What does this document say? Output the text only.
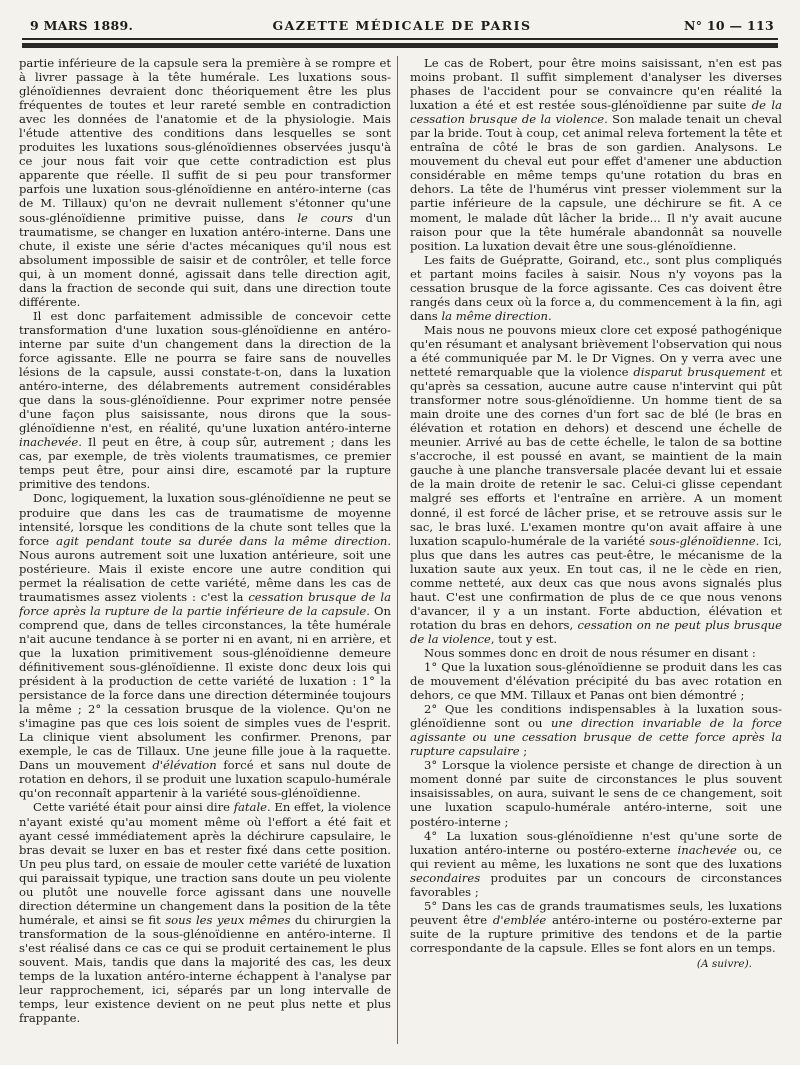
GAZETTE MÉDICALE DE PARIS
9 MARS 1889.	N° 10 — 113

partie inférieure de la capsule sera la première à se rompre et à livrer passage à la tête humérale. Les luxations sous-glénoïdiennes devraient donc théoriquement être les plus fréquentes de toutes et leur rareté semble en contradiction avec les données de l'anatomie et de la physiologie. Mais l'étude attentive des conditions dans lesquelles se sont produites les luxations sous-glénoïdiennes observées jusqu'à ce jour nous fait voir que cette contradiction est plus apparente que réelle. Il suffit de si peu pour transformer parfois une luxation sous-glénoïdienne en antéro-interne (cas de M. Tillaux) qu'on ne devrait nullement s'étonner qu'une sous-glénoïdienne primitive puisse, dans le cours d'un traumatisme, se changer en luxation antéro-interne. Dans une chute, il existe une série d'actes mécaniques qu'il nous est absolument impossible de saisir et de contrôler, et telle force qui, à un moment donné, agissait dans telle direction agit, dans la fraction de seconde qui suit, dans une direction toute différente.

Il est donc parfaitement admissible de concevoir cette transformation d'une luxation sous-glénoïdienne en antéro-interne par suite d'un changement dans la direction de la force agissante. Elle ne pourra se faire sans de nouvelles lésions de la capsule, aussi constate-t-on, dans la luxation antéro-interne, des délabrements autrement considérables que dans la sous-glénoïdienne. Pour exprimer notre pensée d'une façon plus saisissante, nous dirons que la sous-glénoïdienne n'est, en réalité, qu'une luxation antéro-interne inachevée. Il peut en être, à coup sûr, autrement ; dans les cas, par exemple, de très violents traumatismes, ce premier temps peut être, pour ainsi dire, escamoté par la rupture primitive des tendons.

Donc, logiquement, la luxation sous-glénoïdienne ne peut se produire que dans les cas de traumatisme de moyenne intensité, lorsque les conditions de la chute sont telles que la force agit pendant toute sa durée dans la même direction. Nous aurons autrement soit une luxation antérieure, soit une postérieure. Mais il existe encore une autre condition qui permet la réalisation de cette variété, même dans les cas de traumatismes assez violents : c'est la cessation brusque de la force après la rupture de la partie inférieure de la capsule. On comprend que, dans de telles circonstances, la tête humérale n'ait aucune tendance à se porter ni en avant, ni en arrière, et que la luxation primitivement sous-glénoïdienne demeure définitivement sous-glénoïdienne. Il existe donc deux lois qui président à la production de cette variété de luxation : 1° la persistance de la force dans une direction déterminée toujours la même ; 2° la cessation brusque de la violence. Qu'on ne s'imagine pas que ces lois soient de simples vues de l'esprit. La clinique vient absolument les confirmer. Prenons, par exemple, le cas de Tillaux. Une jeune fille joue à la raquette. Dans un mouvement d'élévation forcé et sans nul doute de rotation en dehors, il se produit une luxation scapulo-humérale qu'on reconnaît appartenir à la variété sous-glénoïdienne.

Cette variété était pour ainsi dire fatale. En effet, la violence n'ayant existé qu'au moment même où l'effort a été fait et ayant cessé immédiatement après la déchirure capsulaire, le bras devait se luxer en bas et rester fixé dans cette position. Un peu plus tard, on essaie de mouler cette variété de luxation qui paraissait typique, une traction sans doute un peu violente ou plutôt une nouvelle force agissant dans une nouvelle direction détermine un changement dans la position de la tête humérale, et ainsi se fit sous les yeux mêmes du chirurgien la transformation de la sous-glénoïdienne en antéro-interne. Il s'est réalisé dans ce cas ce qui se produit certainement le plus souvent. Mais, tandis que dans la majorité des cas, les deux temps de la luxation antéro-interne échappent à l'analyse par leur rapprochement, ici, séparés par un long intervalle de temps, leur existence devient on ne peut plus nette et plus frappante.

Le cas de Robert, pour être moins saisissant, n'en est pas moins probant. Il suffit simplement d'analyser les diverses phases de l'accident pour se convaincre qu'en réalité la luxation a été et est restée sous-glénoïdienne par suite de la cessation brusque de la violence. Son malade tenait un cheval par la bride. Tout à coup, cet animal releva fortement la tête et entraîna de côté le bras de son gardien. Analysons. Le mouvement du cheval eut pour effet d'amener une abduction considérable en même temps qu'une rotation du bras en dehors. La tête de l'humérus vint presser violemment sur la partie inférieure de la capsule, une déchirure se fit. A ce moment, le malade dût lâcher la bride... Il n'y avait aucune raison pour que la tête humérale abandonnât sa nouvelle position. La luxation devait être une sous-glénoïdienne.

Les faits de Guépratte, Goirand, etc., sont plus compliqués et partant moins faciles à saisir. Nous n'y voyons pas la cessation brusque de la force agissante. Ces cas doivent être rangés dans ceux où la force a, du commencement à la fin, agi dans la même direction.

Mais nous ne pouvons mieux clore cet exposé pathogénique qu'en résumant et analysant brièvement l'observation qui nous a été communiquée par M. le Dr Vignes. On y verra avec une netteté remarquable que la violence disparut brusquement et qu'après sa cessation, aucune autre cause n'intervint qui pût transformer notre sous-glénoïdienne. Un homme tient de sa main droite une des cornes d'un fort sac de blé (le bras en élévation et rotation en dehors) et descend une échelle de meunier. Arrivé au bas de cette échelle, le talon de sa bottine s'accroche, il est poussé en avant, se maintient de la main gauche à une planche transversale placée devant lui et essaie de la main droite de retenir le sac. Celui-ci glisse cependant malgré ses efforts et l'entraîne en arrière. A un moment donné, il est forcé de lâcher prise, et se retrouve assis sur le sac, le bras luxé. L'examen montre qu'on avait affaire à une luxation scapulo-humérale de la variété sous-glénoïdienne. Ici, plus que dans les autres cas peut-être, le mécanisme de la luxation saute aux yeux. En tout cas, il ne le cède en rien, comme netteté, aux deux cas que nous avons signalés plus haut. C'est une confirmation de plus de ce que nous venons d'avancer, il y a un instant. Forte abduction, élévation et rotation du bras en dehors, cessation on ne peut plus brusque de la violence, tout y est.

Nous sommes donc en droit de nous résumer en disant :

1° Que la luxation sous-glénoïdienne se produit dans les cas de mouvement d'élévation précipité du bas avec rotation en dehors, ce que MM. Tillaux et Panas ont bien démontré ;

2° Que les conditions indispensables à la luxation sous-glénoïdienne sont ou une direction invariable de la force agissante ou une cessation brusque de cette force après la rupture capsulaire ;

3° Lorsque la violence persiste et change de direction à un moment donné par suite de circonstances le plus souvent insaisissables, on aura, suivant le sens de ce changement, soit une luxation scapulo-humérale antéro-interne, soit une postéro-interne ;

4° La luxation sous-glénoïdienne n'est qu'une sorte de luxation antéro-interne ou postéro-externe inachevée ou, ce qui revient au même, les luxations ne sont que des luxations secondaires produites par un concours de circonstances favorables ;

5° Dans les cas de grands traumatismes seuls, les luxations peuvent être d'emblée antéro-interne ou postéro-externe par suite de la rupture primitive des tendons et de la partie correspondante de la capsule. Elles se font alors en un temps.

(A suivre).
